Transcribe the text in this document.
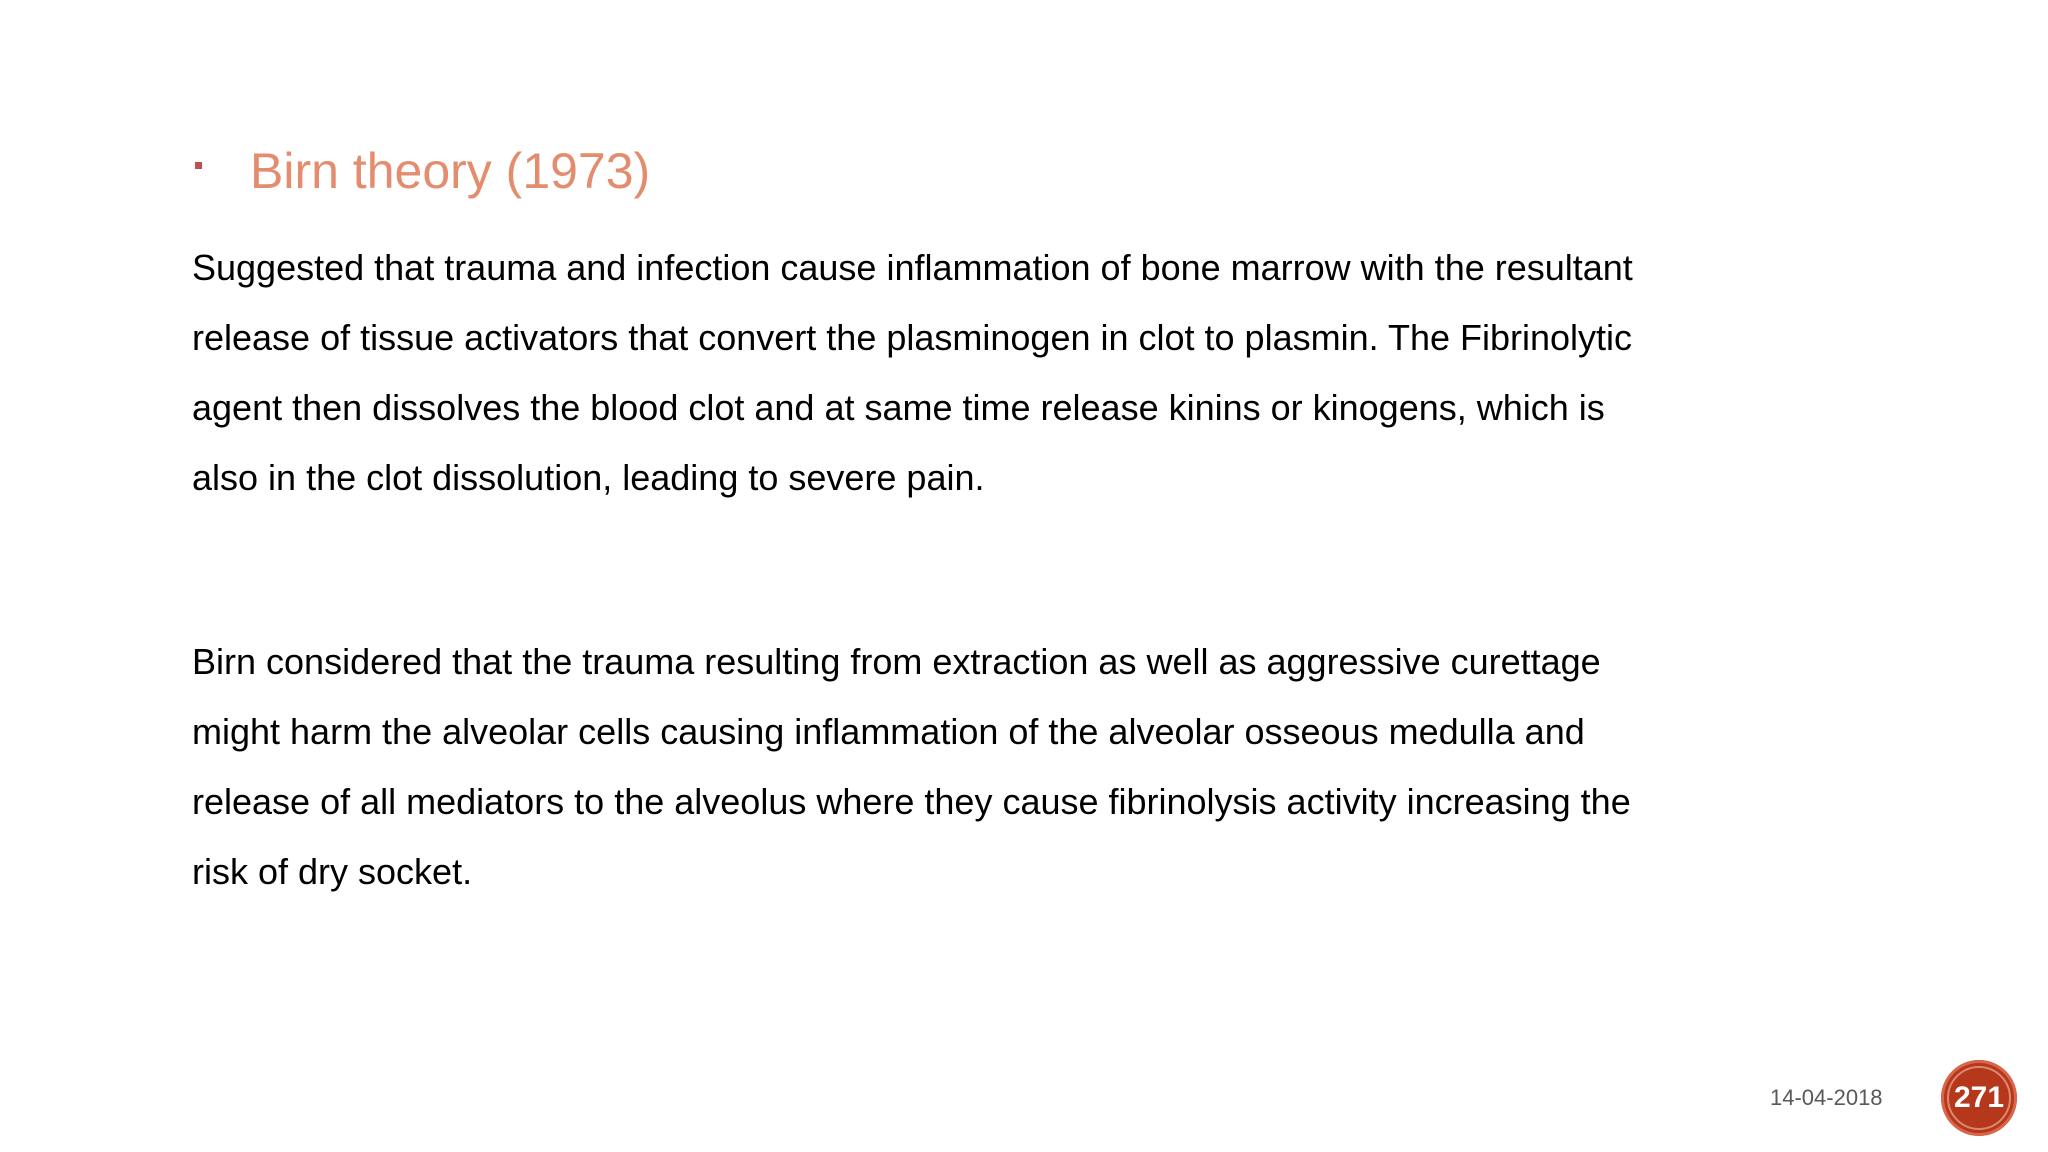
Birn theory (1973)

Suggested that trauma and infection cause inflammation of bone marrow with the resultant

release of tissue activators that convert the plasminogen in clot to plasmin. The Fibrinolytic

agent then dissolves the blood clot and at same time release kinins or kinogens, which is

also in the clot dissolution, leading to severe pain.

Birn considered that the trauma resulting from extraction as well as aggressive curettage

might harm the alveolar cells causing inflammation of the alveolar osseous medulla and

release of all mediators to the alveolus where they cause fibrinolysis activity increasing the

risk of dry socket.

14-04-2018 271
